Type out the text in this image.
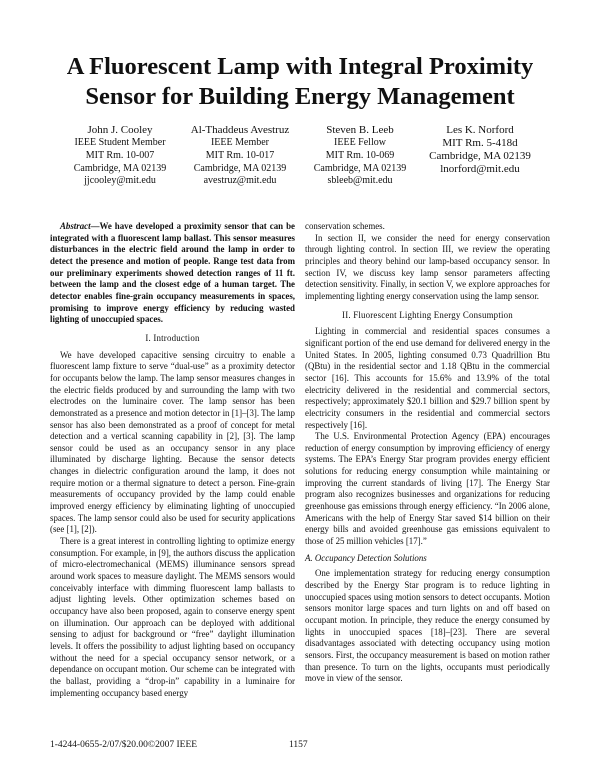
A Fluorescent Lamp with Integral Proximity
Sensor for Building Energy Management
John J. Cooley
IEEE Student Member
MIT Rm. 10-007
Cambridge, MA 02139
jjcooley@mit.edu
Al-Thaddeus Avestruz
IEEE Member
MIT Rm. 10-017
Cambridge, MA 02139
avestruz@mit.edu
Steven B. Leeb
IEEE Fellow
MIT Rm. 10-069
Cambridge, MA 02139
sbleeb@mit.edu
Les K. Norford
MIT Rm. 5-418d
Cambridge, MA 02139
lnorford@mit.edu

Abstract—We have developed a proximity sensor that can be integrated with a fluorescent lamp ballast. This sensor measures disturbances in the electric field around the lamp in order to detect the presence and motion of people. Range test data from our preliminary experiments showed detection ranges of 11 ft. between the lamp and the closest edge of a human target. The detector enables fine-grain occupancy measurements in spaces, promising to improve energy efficiency by reducing wasted lighting of unoccupied spaces.

I. Introduction

We have developed capacitive sensing circuitry to enable a fluorescent lamp fixture to serve “dual-use” as a proximity detector for occupants below the lamp. The lamp sensor measures changes in the electric fields produced by and surrounding the lamp with two electrodes on the luminaire cover. The lamp sensor has been demonstrated as a presence and motion detector in [1]–[3]. The lamp sensor has also been demonstrated as a proof of concept for metal detection and a vertical scanning capability in [2], [3]. The lamp sensor could be used as an occupancy sensor in any place illuminated by discharge lighting. Because the sensor detects changes in dielectric configuration around the lamp, it does not require motion or a thermal signature to detect a person. Fine-grain measurements of occupancy provided by the lamp could enable improved energy efficiency by eliminating lighting of unoccupied spaces. The lamp sensor could also be used for security applications (see [1], [2]).

There is a great interest in controlling lighting to optimize energy consumption. For example, in [9], the authors discuss the application of micro-electromechanical (MEMS) illuminance sensors spread around work spaces to measure daylight. The MEMS sensors would conceivably interface with dimming fluorescent lamp ballasts to adjust lighting levels. Other optimization schemes based on occupancy have also been proposed, again to conserve energy spent on illumination. Our approach can be deployed with additional sensing to adjust for background or “free” daylight illumination levels. It offers the possibility to adjust lighting based on occupancy without the need for a special occupancy sensor network, or a dependance on occupant motion. Our scheme can be integrated with the ballast, providing a “drop-in” capability in a luminaire for implementing occupancy based energy

conservation schemes.

In section II, we consider the need for energy conservation through lighting control. In section III, we review the operating principles and theory behind our lamp-based occupancy sensor. In section IV, we discuss key lamp sensor parameters affecting detection sensitivity. Finally, in section V, we explore approaches for implementing lighting energy conservation using the lamp sensor.

II. Fluorescent Lighting Energy Consumption

Lighting in commercial and residential spaces consumes a significant portion of the end use demand for delivered energy in the United States. In 2005, lighting consumed 0.73 Quadrillion Btu (QBtu) in the residential sector and 1.18 QBtu in the commercial sector [16]. This accounts for 15.6% and 13.9% of the total electricity delivered in the residential and commercial sectors, respectively; approximately $20.1 billion and $29.7 billion spent by electricity consumers in the residential and commercial sectors respectively [16].

The U.S. Environmental Protection Agency (EPA) encourages reduction of energy consumption by improving efficiency of energy systems. The EPA’s Energy Star program provides energy efficient solutions for reducing energy consumption while maintaining or improving the current standards of living [17]. The Energy Star program also recognizes businesses and organizations for reducing greenhouse gas emissions through energy efficiency. “In 2006 alone, Americans with the help of Energy Star saved $14 billion on their energy bills and avoided greenhouse gas emissions equivalent to those of 25 million vehicles [17].”

A. Occupancy Detection Solutions

One implementation strategy for reducing energy consumption described by the Energy Star program is to reduce lighting in unoccupied spaces using motion sensors to detect occupants. Motion sensors monitor large spaces and turn lights on and off based on occupant motion. In principle, they reduce the energy consumed by lights in unoccupied spaces [18]–[23]. There are several disadvantages associated with detecting occupancy using motion sensors. First, the occupancy measurement is based on motion rather than presence. To turn on the lights, occupants must periodically move in view of the sensor.

1-4244-0655-2/07/$20.00©2007 IEEE	1157
